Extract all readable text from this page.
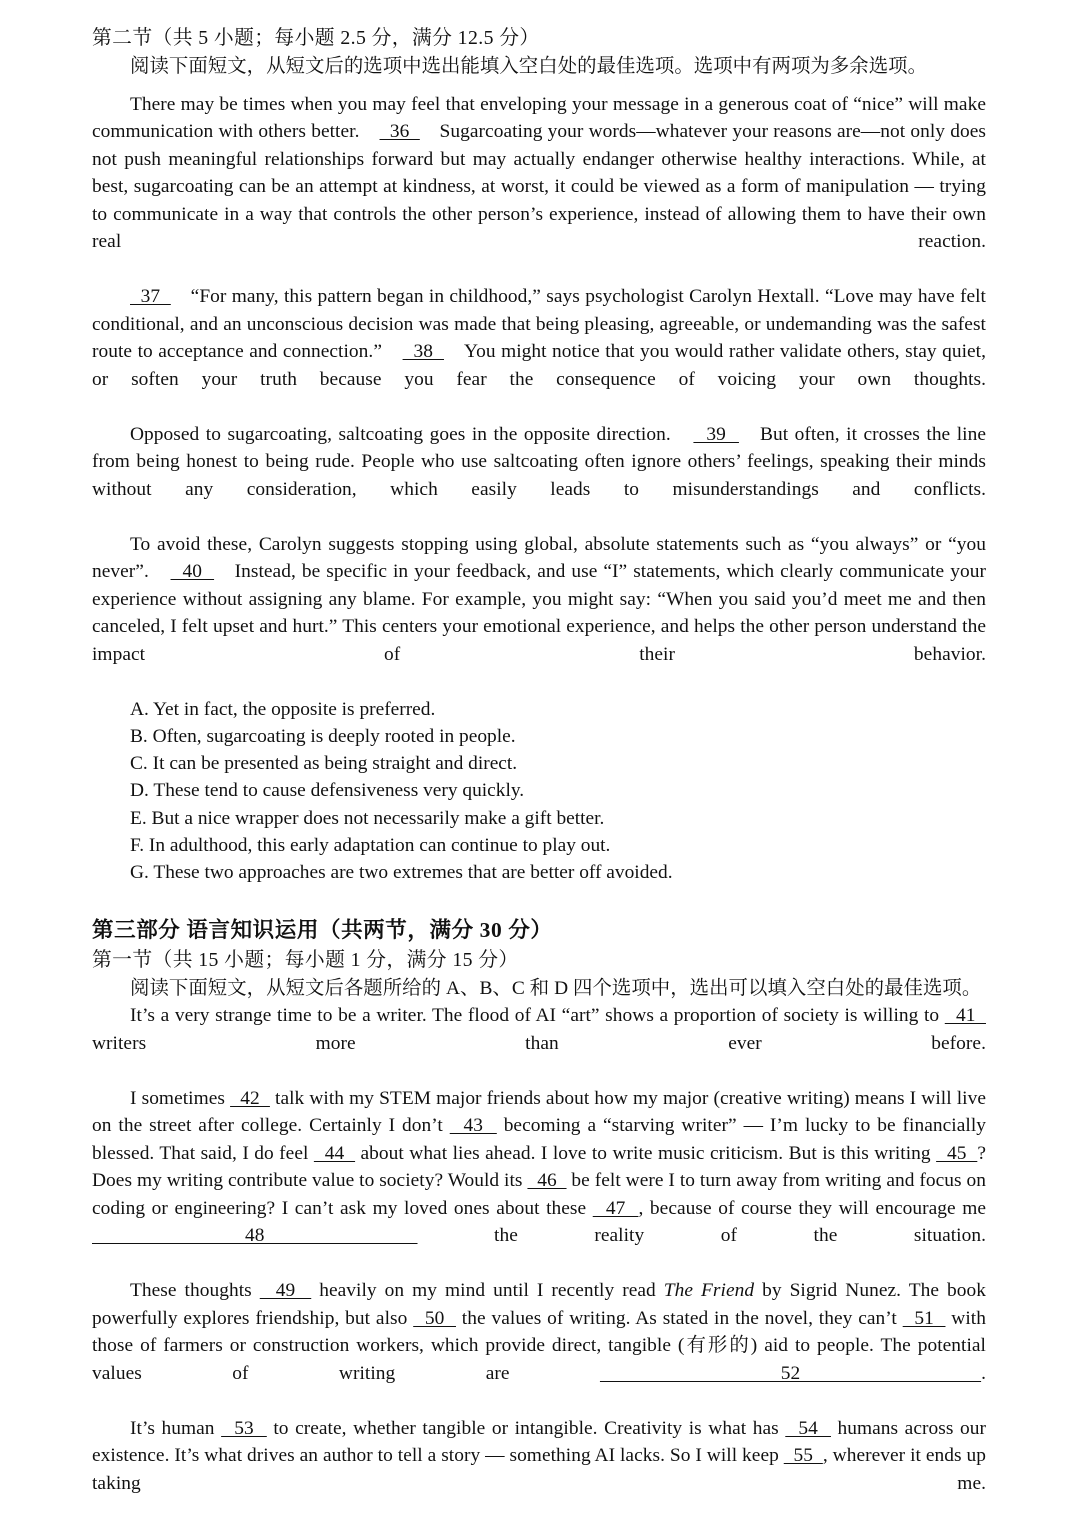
第二节（共 5 小题；每小题 2.5 分，满分 12.5 分）
阅读下面短文，从短文后的选项中选出能填入空白处的最佳选项。选项中有两项为多余选项。
There may be times when you may feel that enveloping your message in a generous coat of “nice” will make communication with others better.　  36  　Sugarcoating your words—whatever your reasons are—not only does not push meaningful relationships forward but may actually endanger otherwise healthy interactions. While, at best, sugarcoating can be an attempt at kindness, at worst, it could be viewed as a form of manipulation — trying to communicate in a way that controls the other person’s experience, instead of allowing them to have their own real reaction.
37  　“For many, this pattern began in childhood,” says psychologist Carolyn Hextall. “Love may have felt conditional, and an unconscious decision was made that being pleasing, agreeable, or undemanding was the safest route to acceptance and connection.”　  38  　You might notice that you would rather validate others, stay quiet, or soften your truth because you fear the consequence of voicing your own thoughts.
Opposed to sugarcoating, saltcoating goes in the opposite direction.　  39  　But often, it crosses the line from being honest to being rude. People who use saltcoating often ignore others’ feelings, speaking their minds without any consideration, which easily leads to misunderstandings and conflicts.
To avoid these, Carolyn suggests stopping using global, absolute statements such as “you always” or “you never”.　  40  　Instead, be specific in your feedback, and use “I” statements, which clearly communicate your experience without assigning any blame. For example, you might say: “When you said you’d meet me and then canceled, I felt upset and hurt.” This centers your emotional experience, and helps the other person understand the impact of their behavior.
A. Yet in fact, the opposite is preferred.
B. Often, sugarcoating is deeply rooted in people.
C. It can be presented as being straight and direct.
D. These tend to cause defensiveness very quickly.
E. But a nice wrapper does not necessarily make a gift better.
F. In adulthood, this early adaptation can continue to play out.
G. These two approaches are two extremes that are better off avoided.
第三部分 语言知识运用（共两节，满分 30 分）
第一节（共 15 小题；每小题 1 分，满分 15 分）
阅读下面短文，从短文后各题所给的 A、B、C 和 D 四个选项中，选出可以填入空白处的最佳选项。
It’s a very strange time to be a writer. The flood of AI “art” shows a proportion of society is willing to   41   writers more than ever before.
I sometimes   42   talk with my STEM major friends about how my major (creative writing) means I will live on the street after college. Certainly I don’t   43   becoming a “starving writer” — I’m lucky to be financially blessed. That said, I do feel   44   about what lies ahead. I love to write music criticism. But is this writing   45  ? Does my writing contribute value to society? Would its   46   be felt were I to turn away from writing and focus on coding or engineering? I can’t ask my loved ones about these   47  , because of course they will encourage me   48   the reality of the situation.
These thoughts   49   heavily on my mind until I recently read The Friend by Sigrid Nunez. The book powerfully explores friendship, but also   50   the values of writing. As stated in the novel, they can’t   51   with those of farmers or construction workers, which provide direct, tangible (有形的) aid to people. The potential values of writing are   52  .
It’s human   53   to create, whether tangible or intangible. Creativity is what has   54   humans across our existence. It’s what drives an author to tell a story — something AI lacks. So I will keep   55  , wherever it ends up taking me.
